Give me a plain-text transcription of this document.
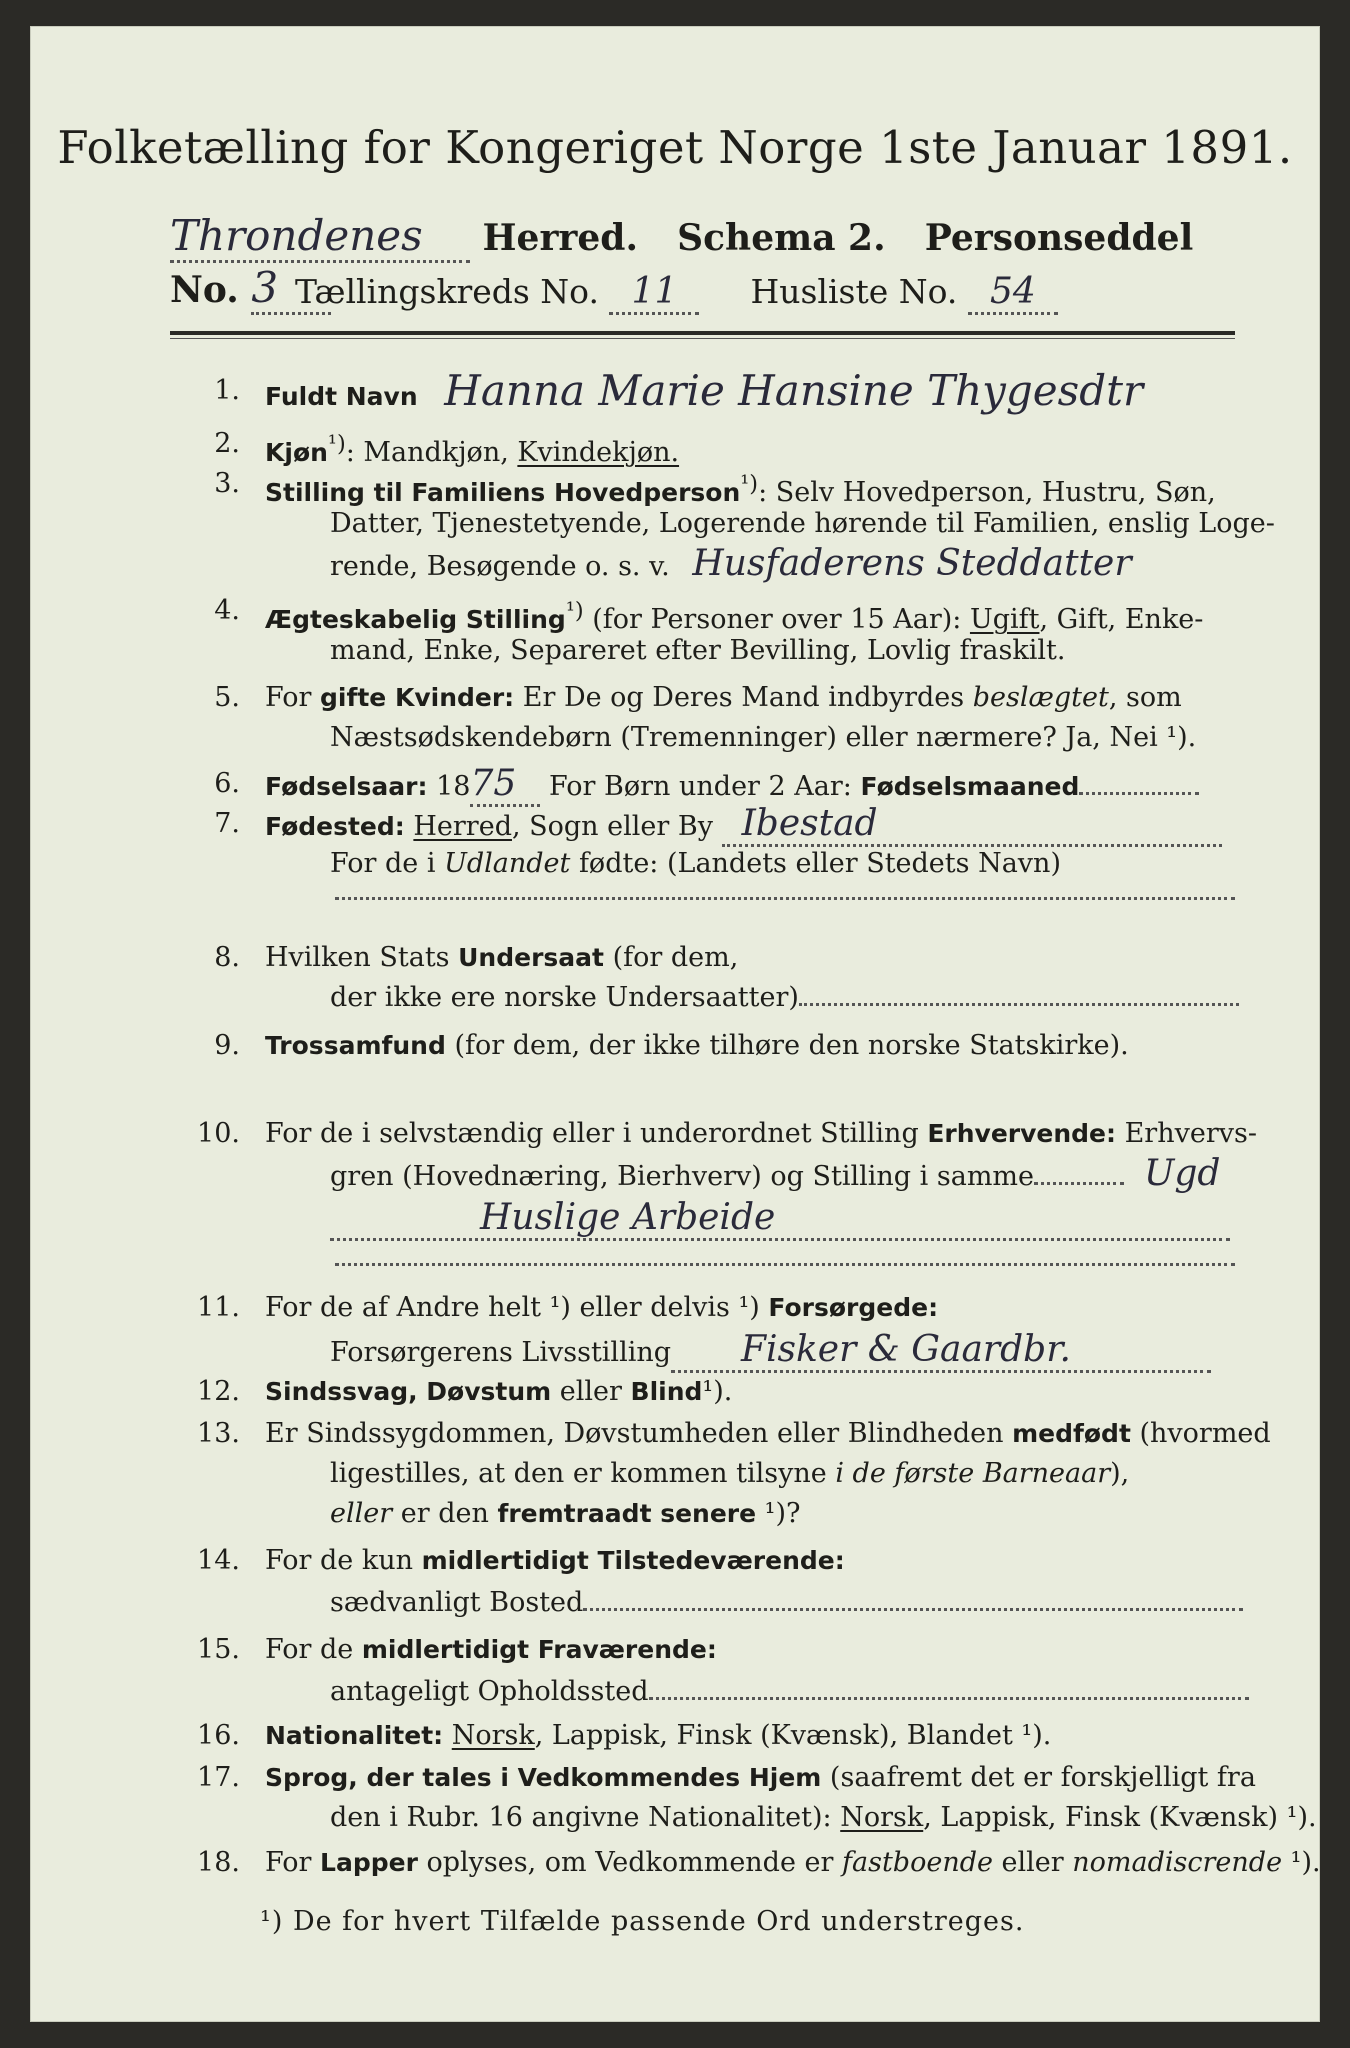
Folketælling for Kongeriget Norge 1ste Januar 1891.
Throndenes Herred. Schema 2. Personseddel No. 3 Tællingskreds No. 11 Husliste No. 54
1. Fuldt Navn Hanna Marie Hansine Thygesdtr
2. Kjøn$^{^1)}$: Mandkjøn, Kvindekjøn.
3. Stilling til Familiens Hovedperson$^{^1)}$: Selv Hovedperson, Hustru, Søn,
Datter, Tjenestetyende, Logerende hørende til Familien, enslig Loge-
rende, Besøgende o. s. v. Husfaderens Steddatter
4. Ægteskabelig Stilling$^{^1)}$ (for Personer over 15 Aar): Ugift, Gift, Enke-
mand, Enke, Separeret efter Bevilling, Lovlig fraskilt.
5. For gifte Kvinder: Er De og Deres Mand indbyrdes beslægtet, som
Næstsødskendebørn (Tremenninger) eller nærmere? Ja, Nei ¹).
6. Fødselsaar: 1875 For Børn under 2 Aar: Fødselsmaaned
7. Fødested: Herred, Sogn eller By Ibestad
For de i Udlandet fødte: (Landets eller Stedets Navn)
8. Hvilken Stats Undersaat (for dem,
der ikke ere norske Undersaatter)
9. Trossamfund (for dem, der ikke tilhøre den norske Statskirke).
10. For de i selvstændig eller i underordnet Stilling Erhvervende: Erhvervs-
gren (Hovednæring, Bierhverv) og Stilling i samme	Ugd
Huslige Arbeide
11. For de af Andre helt ¹) eller delvis ¹) Forsørgede:
Forsørgerens Livsstilling Fisker & Gaardbr.
12. Sindssvag, Døvstum eller Blind¹).
13. Er Sindssygdommen, Døvstumheden eller Blindheden medfødt (hvormed
ligestilles, at den er kommen tilsyne i de første Barneaar),
eller er den fremtraadt senere ¹)?
14. For de kun midlertidigt Tilstedeværende:
sædvanligt Bosted
15. For de midlertidigt Fraværende:
antageligt Opholdssted
16. Nationalitet: Norsk, Lappisk, Finsk (Kvænsk), Blandet ¹).
17. Sprog, der tales i Vedkommendes Hjem (saafremt det er forskjelligt fra
den i Rubr. 16 angivne Nationalitet): Norsk, Lappisk, Finsk (Kvænsk) ¹).
18. For Lapper oplyses, om Vedkommende er fastboende eller nomadiscrende ¹).
¹) De for hvert Tilfælde passende Ord understreges.
